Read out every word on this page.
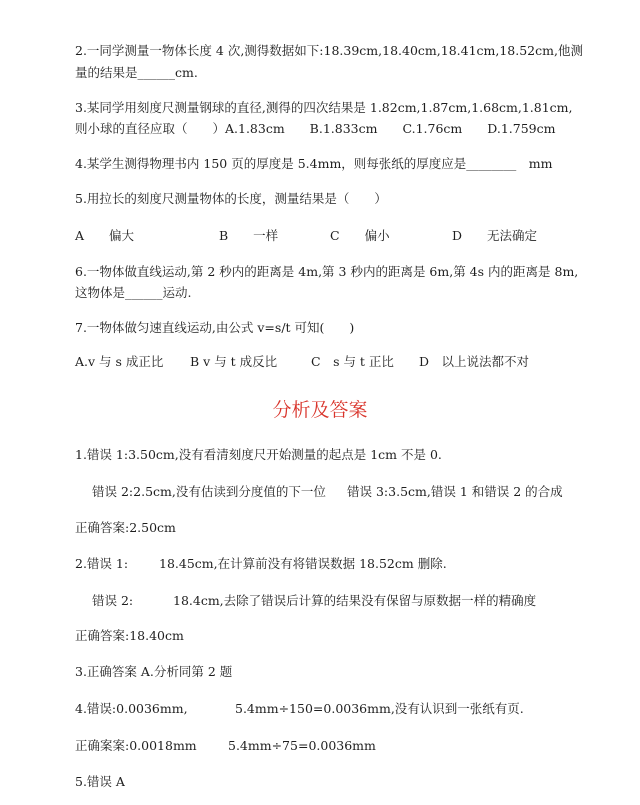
2.一同学测量一物体长度 4 次,测得数据如下:18.39cm,18.40cm,18.41cm,18.52cm,他测
量的结果是______cm.
3.某同学用刻度尺测量钢球的直径,测得的四次结果是 1.82cm,1.87cm,1.68cm,1.81cm,
则小球的直径应取（　　）A.1.83cm　　B.1.833cm　　C.1.76cm　　D.1.759cm
4.某学生测得物理书内 150 页的厚度是 5.4mm，则每张纸的厚度应是________　mm
5.用拉长的刻度尺测量物体的长度，测量结果是（　　）
A　　偏大	B　　一样	C　　偏小	D　　无法确定
6.一物体做直线运动,第 2 秒内的距离是 4m,第 3 秒内的距离是 6m,第 4s 内的距离是 8m,
这物体是______运动.
7.一物体做匀速直线运动,由公式 v=s/t 可知(　　)
A.v 与 s 成正比 B v 与 t 成反比	C　s 与 t 正比 D　以上说法都不对
分析及答案
1.错误 1:3.50cm,没有看清刻度尺开始测量的起点是 1cm 不是 0.
错误 2:2.5cm,没有估读到分度值的下一位 错误 3:3.5cm,错误 1 和错误 2 的合成
正确答案:2.50cm
2.错误 1: 18.45cm,在计算前没有将错误数据 18.52cm 删除.
错误 2:	18.4cm,去除了错误后计算的结果没有保留与原数据一样的精确度
正确答案:18.40cm
3.正确答案 A.分析同第 2 题
4.错误:0.0036mm,	5.4mm÷150=0.0036mm,没有认识到一张纸有页.
正确案案:0.0018mm	5.4mm÷75=0.0036mm
5.错误 A
